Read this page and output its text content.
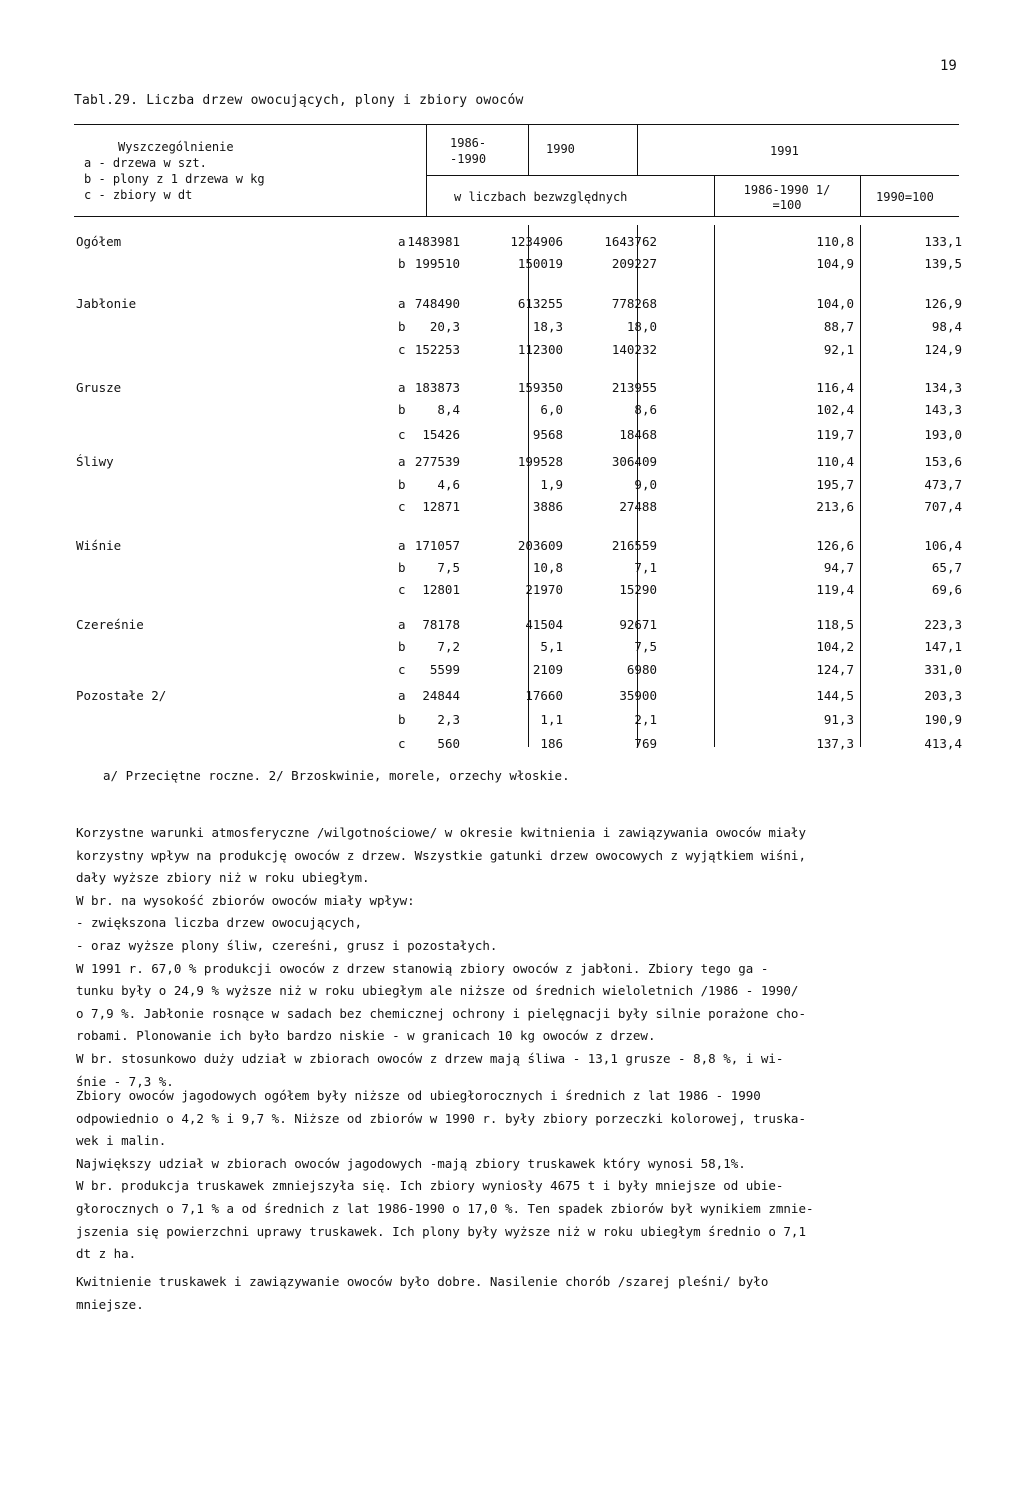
19
Tabl.29. Liczba drzew owocujących, plony i zbiory owoców
Wyszczególnienie
a - drzewa w szt.
b - plony z 1 drzewa w kg
c - zbiory w dt
1986-
-1990
1990	1991
w liczbach bezwzględnych	1986-1990 1/
=100
1990=100
Ogółem	a 1483981	1234906	1643762	110,8	133,1
b 199510	150019	209227	104,9	139,5
Jabłonie	a 748490	613255	778268	104,0	126,9
b 20,3	18,3	18,0	88,7	98,4
c 152253	112300	140232	92,1	124,9
Grusze	a 183873	159350	213955	116,4	134,3
b	8,4	6,0	8,6	102,4	143,3
c 15426	9568	18468	119,7	193,0
Śliwy	a 277539	199528	306409	110,4	153,6
b	4,6	1,9	9,0	195,7	473,7
c 12871	3886	27488	213,6	707,4
Wiśnie	a 171057	203609	216559	126,6	106,4
b	7,5	10,8	7,1	94,7	65,7
c 12801	21970	15290	119,4	69,6
Czereśnie	a 78178	41504	92671	118,5	223,3
b	7,2	5,1	7,5	104,2	147,1
c 5599	2109	6980	124,7	331,0
Pozostałe 2/	a 24844	17660	35900	144,5	203,3
b	2,3	1,1	2,1	91,3	190,9
c	560	186	769	137,3	413,4
a/ Przeciętne roczne. 2/ Brzoskwinie, morele, orzechy włoskie.

Korzystne warunki atmosferyczne /wilgotnościowe/ w okresie kwitnienia i zawiązywania owoców miały

korzystny wpływ na produkcję owoców z drzew. Wszystkie gatunki drzew owocowych z wyjątkiem wiśni,

dały wyższe zbiory niż w roku ubiegłym.

W br. na wysokość zbiorów owoców miały wpływ:

- zwiększona liczba drzew owocujących,

- oraz wyższe plony śliw, czereśni, grusz i pozostałych.

W 1991 r. 67,0 % produkcji owoców z drzew stanowią zbiory owoców z jabłoni. Zbiory tego ga -

tunku były o 24,9 % wyższe niż w roku ubiegłym ale niższe od średnich wieloletnich /1986 - 1990/

o 7,9 %. Jabłonie rosnące w sadach bez chemicznej ochrony i pielęgnacji były silnie porażone cho-

robami. Plonowanie ich było bardzo niskie - w granicach 10 kg owoców z drzew.

W br. stosunkowo duży udział w zbiorach owoców z drzew mają śliwa - 13,1 grusze - 8,8 %, i wi-

śnie - 7,3 %.

Zbiory owoców jagodowych ogółem były niższe od ubiegłorocznych i średnich z lat 1986 - 1990

odpowiednio o 4,2 % i 9,7 %. Niższe od zbiorów w 1990 r. były zbiory porzeczki kolorowej, truska-

wek i malin.

Największy udział w zbiorach owoców jagodowych -mają zbiory truskawek który wynosi 58,1%.

W br. produkcja truskawek zmniejszyła się. Ich zbiory wyniosły 4675 t i były mniejsze od ubie-

głorocznych o 7,1 % a od średnich z lat 1986-1990 o 17,0 %. Ten spadek zbiorów był wynikiem zmnie-

jszenia się powierzchni uprawy truskawek. Ich plony były wyższe niż w roku ubiegłym średnio o 7,1

dt z ha.

Kwitnienie truskawek i zawiązywanie owoców było dobre. Nasilenie chorób /szarej pleśni/ było

mniejsze.
